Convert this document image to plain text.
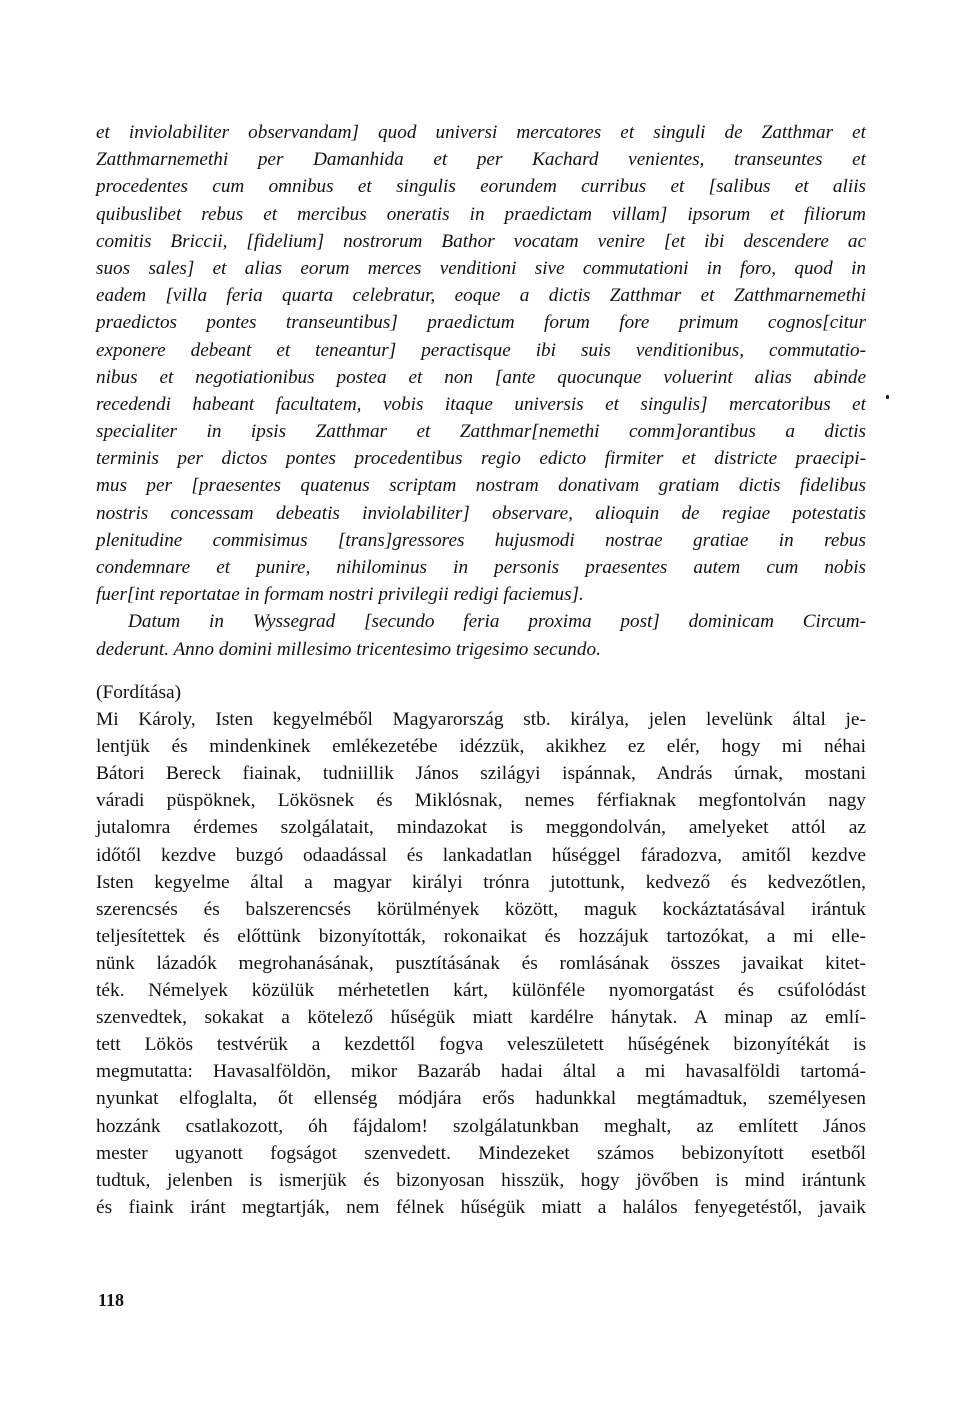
et inviolabiliter observandam] quod universi mercatores et singuli de Zatthmar et
Zatthmarnemethi per Damanhida et per Kachard venientes, transeuntes et
procedentes cum omnibus et singulis eorundem curribus et [salibus et aliis
quibuslibet rebus et mercibus oneratis in praedictam villam] ipsorum et filiorum
comitis Briccii, [fidelium] nostrorum Bathor vocatam venire [et ibi descendere ac
suos sales] et alias eorum merces venditioni sive commutationi in foro, quod in
eadem [villa feria quarta celebratur, eoque a dictis Zatthmar et Zatthmarnemethi
praedictos pontes transeuntibus] praedictum forum fore primum cognos[citur
exponere debeant et teneantur] peractisque ibi suis venditionibus, commutatio-
nibus et negotiationibus postea et non [ante quocunque voluerint alias abinde
recedendi habeant facultatem, vobis itaque universis et singulis] mercatoribus et
specialiter in ipsis Zatthmar et Zatthmar[nemethi comm]orantibus a dictis
terminis per dictos pontes procedentibus regio edicto firmiter et districte praecipi-
mus per [praesentes quatenus scriptam nostram donativam gratiam dictis fidelibus
nostris concessam debeatis inviolabiliter] observare, alioquin de regiae potestatis
plenitudine commisimus [trans]gressores hujusmodi nostrae gratiae in rebus
condemnare et punire, nihilominus in personis praesentes autem cum nobis
fuer[int reportatae in formam nostri privilegii redigi faciemus].
Datum in Wyssegrad [secundo feria proxima post] dominicam Circum-
dederunt. Anno domini millesimo tricentesimo trigesimo secundo.
(Fordítása)
Mi Károly, Isten kegyelméből Magyarország stb. királya, jelen levelünk által je-
lentjük és mindenkinek emlékezetébe idézzük, akikhez ez elér, hogy mi néhai
Bátori Bereck fiainak, tudniillik János szilágyi ispánnak, András úrnak, mostani
váradi püspöknek, Lökösnek és Miklósnak, nemes férfiaknak megfontolván nagy
jutalomra érdemes szolgálatait, mindazokat is meggondolván, amelyeket attól az
időtől kezdve buzgó odaadással és lankadatlan hűséggel fáradozva, amitől kezdve
Isten kegyelme által a magyar királyi trónra jutottunk, kedvező és kedvezőtlen,
szerencsés és balszerencsés körülmények között, maguk kockáztatásával irántuk
teljesítettek és előttünk bizonyították, rokonaikat és hozzájuk tartozókat, a mi elle-
nünk lázadók megrohanásának, pusztításának és romlásának összes javaikat kitet-
ték. Némelyek közülük mérhetetlen kárt, különféle nyomorgatást és csúfolódást
szenvedtek, sokakat a kötelező hűségük miatt kardélre hánytak. A minap az emlí-
tett Lökös testvérük a kezdettől fogva veleszületett hűségének bizonyítékát is
megmutatta: Havasalföldön, mikor Bazaráb hadai által a mi havasalföldi tartomá-
nyunkat elfoglalta, őt ellenség módjára erős hadunkkal megtámadtuk, személyesen
hozzánk csatlakozott, óh fájdalom! szolgálatunkban meghalt, az említett János
mester ugyanott fogságot szenvedett. Mindezeket számos bebizonyított esetből
tudtuk, jelenben is ismerjük és bizonyosan hisszük, hogy jövőben is mind irántunk
és fiaink iránt megtartják, nem félnek hűségük miatt a halálos fenyegetéstől, javaik
118
